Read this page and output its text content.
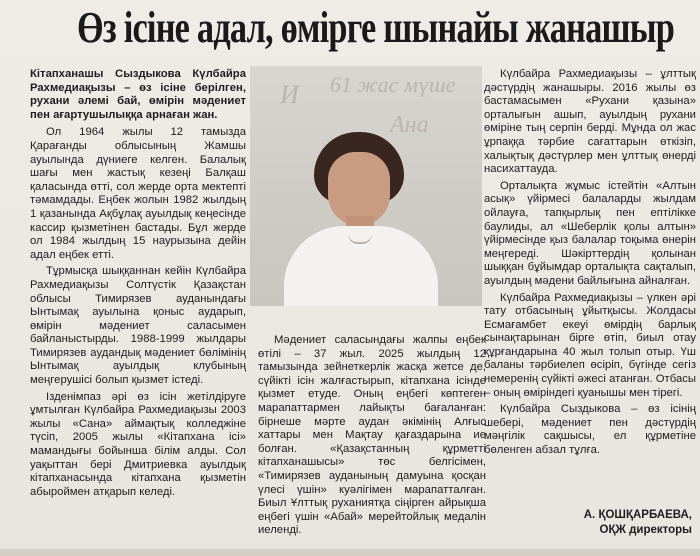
Өз ісіне адал, өмірге шынайы жанашыр

Кітапханашы Сыздыкова Күлбайра Рахмедиақызы – өз ісіне берілген, рухани әлемі бай, өмірін мәдениет пен ағартушылыққа арнаған жан.

Ол 1964 жылы 12 тамызда Қарағанды облысының Жамшы ауылында дүниеге келген. Балалық шағы мен жастық кезеңі Балқаш қаласында өтті, сол жерде орта мектепті тәмамдады. Еңбек жолын 1982 жылдың 1 қазанында Ақбұлақ ауылдық кеңесінде кассир қызметінен бастады. Бұл жерде ол 1984 жылдың 15 наурызына дейін адал еңбек етті.

Тұрмысқа шыққаннан кейін Күлбайра Рахмедиақызы Солтүстік Қазақстан облысы Тимирязев ауданындағы Ынтымақ ауылына қоныс аударып, өмірін мәдениет саласымен байланыстырды. 1988-1999 жылдары Тимирязев аудандық мәдениет бөлімінің Ынтымақ ауылдық клубының меңгерушісі болып қызмет істеді.

Ізденімпаз әрі өз ісін жетілдіруге ұмтылған Күлбайра Рахмедиақызы 2003 жылы «Сана» аймақтық колледжіне түсіп, 2005 жылы «Кітапхана ісі» мамандығы бойынша білім алды. Сол уақыттан бері Дмитриевка ауылдық кітапханасында кітапхана қызметін абыроймен атқарып келеді.

И 61 жас мүше
Ана

Мәдениет саласындағы жалпы еңбек өтілі – 37 жыл. 2025 жылдың 12 тамызында зейнеткерлік жасқа жетсе де, сүйікті ісін жалғастырып, кітапхана ісінде қызмет етуде. Оның еңбегі көптеген марапаттармен лайықты бағаланған: бірнеше мәрте аудан әкімінің Алғыс хаттары мен Мақтау қағаздарына ие болған. «Қазақстанның құрметті кітапханашысы» төс белгісімен, «Тимирязев ауданының дамуына қосқан үлесі үшін» куәлігімен марапатталған. Биыл Ұлттық руханиятқа сіңірген айрықша еңбегі үшін «Абай» мерейтойлық медалін иеленді.

Күлбайра Рахмедиақызы – ұлттық дәстүрдің жанашыры. 2016 жылы өз бастамасымен «Рухани қазына» орталығын ашып, ауылдың рухани өміріне тың серпін берді. Мұнда ол жас ұрпаққа тәрбие сағаттарын өткізіп, халықтық дәстүрлер мен ұлттық өнерді насихаттауда.

Орталықта жұмыс істейтін «Алтын асық» үйірмесі балаларды жылдам ойлауға, тапқырлық пен ептілікке баулиды, ал «Шеберлік қолы алтын» үйірмесінде қыз балалар тоқыма өнерін меңгереді. Шәкірттердің қолынан шыққан бұйымдар орталықта сақталып, ауылдың мәдени байлығына айналған.

Күлбайра Рахмедиақызы – үлкен әрі тату отбасының ұйытқысы. Жолдасы Есмағамбет екеуі өмірдің барлық сынақтарынан бірге өтіп, биыл отау құрғандарына 40 жыл толып отыр. Үш баланы тәрбиелеп өсіріп, бүгінде сегіз немеренің сүйікті әжесі атанған. Отбасы – оның өміріндегі қуанышы мен тірегі.

Күлбайра Сыздыкова – өз ісінің шебері, мәдениет пен дәстүрдің мәңгілік сақшысы, ел құрметіне бөленген абзал тұлға.

А. ҚОШҚАРБАЕВА,
ОҚЖ директоры
